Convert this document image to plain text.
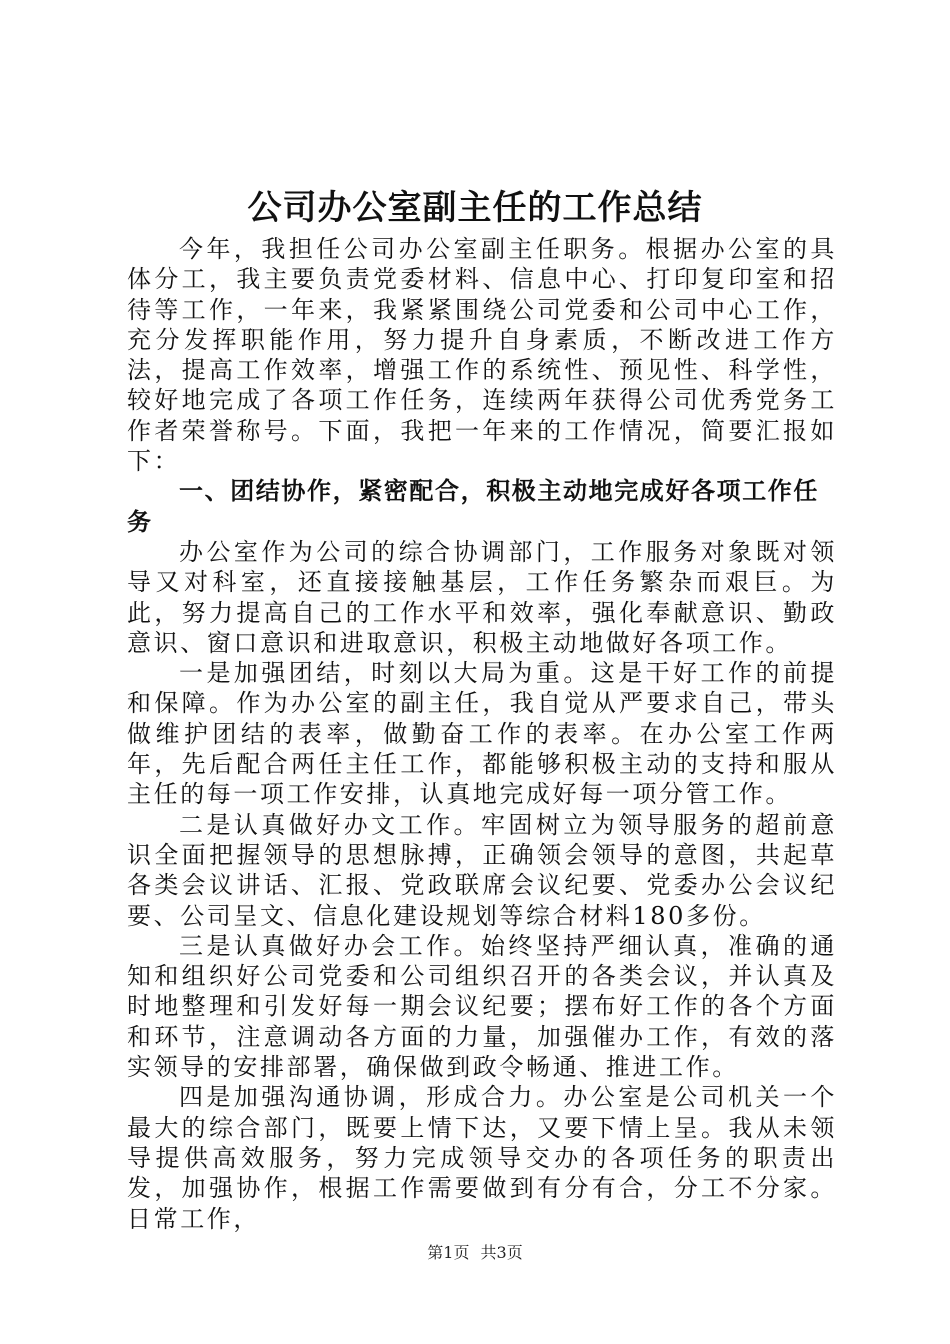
公司办公室副主任的工作总结

今年，我担任公司办公室副主任职务。根据办公室的具体分工，我主要负责党委材料、信息中心、打印复印室和招待等工作，一年来，我紧紧围绕公司党委和公司中心工作，充分发挥职能作用，努力提升自身素质，不断改进工作方法，提高工作效率，增强工作的系统性、预见性、科学性，较好地完成了各项工作任务，连续两年获得公司优秀党务工作者荣誉称号。下面，我把一年来的工作情况，简要汇报如下：

一、团结协作，紧密配合，积极主动地完成好各项工作任务

办公室作为公司的综合协调部门，工作服务对象既对领导又对科室，还直接接触基层，工作任务繁杂而艰巨。为此，努力提高自己的工作水平和效率，强化奉献意识、勤政意识、窗口意识和进取意识，积极主动地做好各项工作。

一是加强团结，时刻以大局为重。这是干好工作的前提和保障。作为办公室的副主任，我自觉从严要求自己，带头做维护团结的表率，做勤奋工作的表率。在办公室工作两年，先后配合两任主任工作，都能够积极主动的支持和服从主任的每一项工作安排，认真地完成好每一项分管工作。

二是认真做好办文工作。牢固树立为领导服务的超前意识全面把握领导的思想脉搏，正确领会领导的意图，共起草各类会议讲话、汇报、党政联席会议纪要、党委办公会议纪要、公司呈文、信息化建设规划等综合材料180多份。

三是认真做好办会工作。始终坚持严细认真，准确的通知和组织好公司党委和公司组织召开的各类会议，并认真及时地整理和引发好每一期会议纪要；摆布好工作的各个方面和环节，注意调动各方面的力量，加强催办工作，有效的落实领导的安排部署，确保做到政令畅通、推进工作。

四是加强沟通协调，形成合力。办公室是公司机关一个最大的综合部门，既要上情下达，又要下情上呈。我从未领导提供高效服务，努力完成领导交办的各项任务的职责出发，加强协作，根据工作需要做到有分有合，分工不分家。日常工作，

第1页 共3页
